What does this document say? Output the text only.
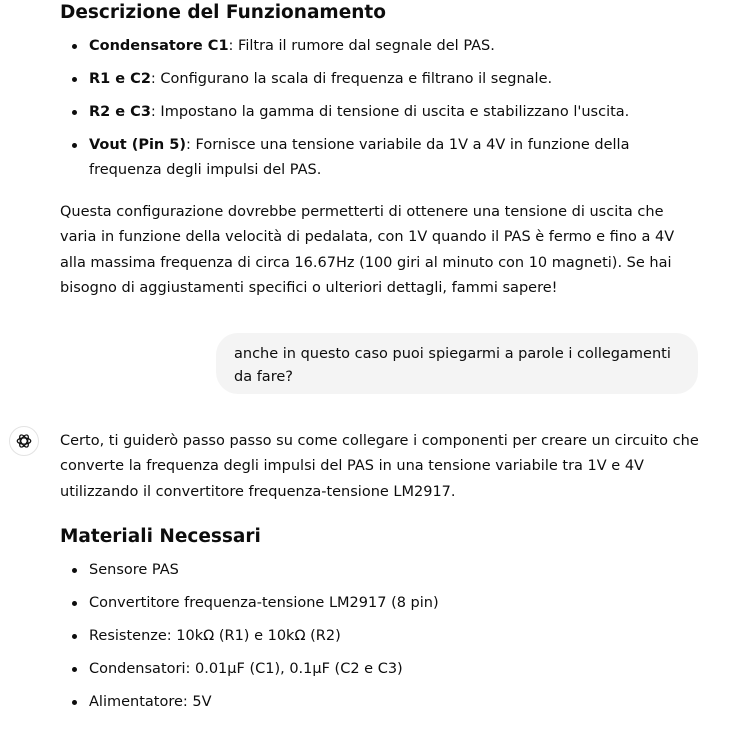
Descrizione del Funzionamento
Condensatore C1: Filtra il rumore dal segnale del PAS.
R1 e C2: Configurano la scala di frequenza e filtrano il segnale.
R2 e C3: Impostano la gamma di tensione di uscita e stabilizzano l'uscita.
Vout (Pin 5): Fornisce una tensione variabile da 1V a 4V in funzione della frequenza degli impulsi del PAS.

Questa configurazione dovrebbe permetterti di ottenere una tensione di uscita che varia in funzione della velocità di pedalata, con 1V quando il PAS è fermo e fino a 4V alla massima frequenza di circa 16.67Hz (100 giri al minuto con 10 magneti). Se hai bisogno di aggiustamenti specifici o ulteriori dettagli, fammi sapere!

anche in questo caso puoi spiegarmi a parole i collegamenti da fare?

Certo, ti guiderò passo passo su come collegare i componenti per creare un circuito che converte la frequenza degli impulsi del PAS in una tensione variabile tra 1V e 4V utilizzando il convertitore frequenza-tensione LM2917.

Materiali Necessari
Sensore PAS
Convertitore frequenza-tensione LM2917 (8 pin)
Resistenze: 10kΩ (R1) e 10kΩ (R2)
Condensatori: 0.01µF (C1), 0.1µF (C2 e C3)
Alimentatore: 5V
